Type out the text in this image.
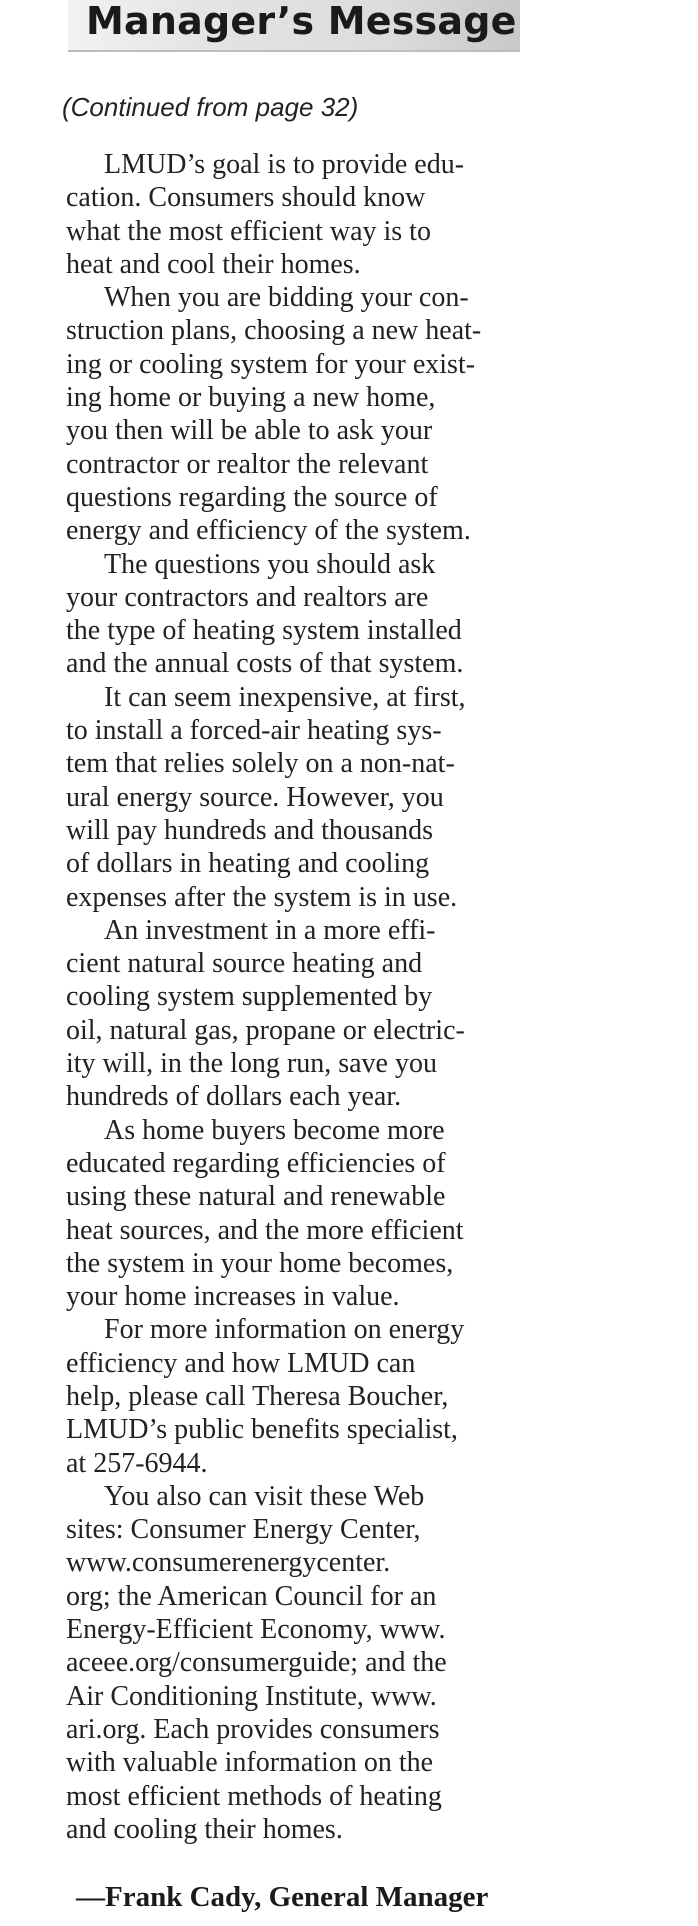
Manager’s Message

(Continued from page 32)

LMUD’s goal is to provide edu-
cation. Consumers should know
what the most efficient way is to
heat and cool their homes.
When you are bidding your con-
struction plans, choosing a new heat-
ing or cooling system for your exist-
ing home or buying a new home,
you then will be able to ask your
contractor or realtor the relevant
questions regarding the source of
energy and efficiency of the system.
The questions you should ask
your contractors and realtors are
the type of heating system installed
and the annual costs of that system.
It can seem inexpensive, at first,
to install a forced-air heating sys-
tem that relies solely on a non-nat-
ural energy source. However, you
will pay hundreds and thousands
of dollars in heating and cooling
expenses after the system is in use.
An investment in a more effi-
cient natural source heating and
cooling system supplemented by
oil, natural gas, propane or electric-
ity will, in the long run, save you
hundreds of dollars each year.
As home buyers become more
educated regarding efficiencies of
using these natural and renewable
heat sources, and the more efficient
the system in your home becomes,
your home increases in value.
For more information on energy
efficiency and how LMUD can
help, please call Theresa Boucher,
LMUD’s public benefits specialist,
at 257-6944.
You also can visit these Web
sites: Consumer Energy Center,
www.consumerenergycenter.
org; the American Council for an
Energy-Efficient Economy, www.
aceee.org/consumerguide; and the
Air Conditioning Institute, www.
ari.org. Each provides consumers
with valuable information on the
most efficient methods of heating
and cooling their homes.

—Frank Cady, General Manager
